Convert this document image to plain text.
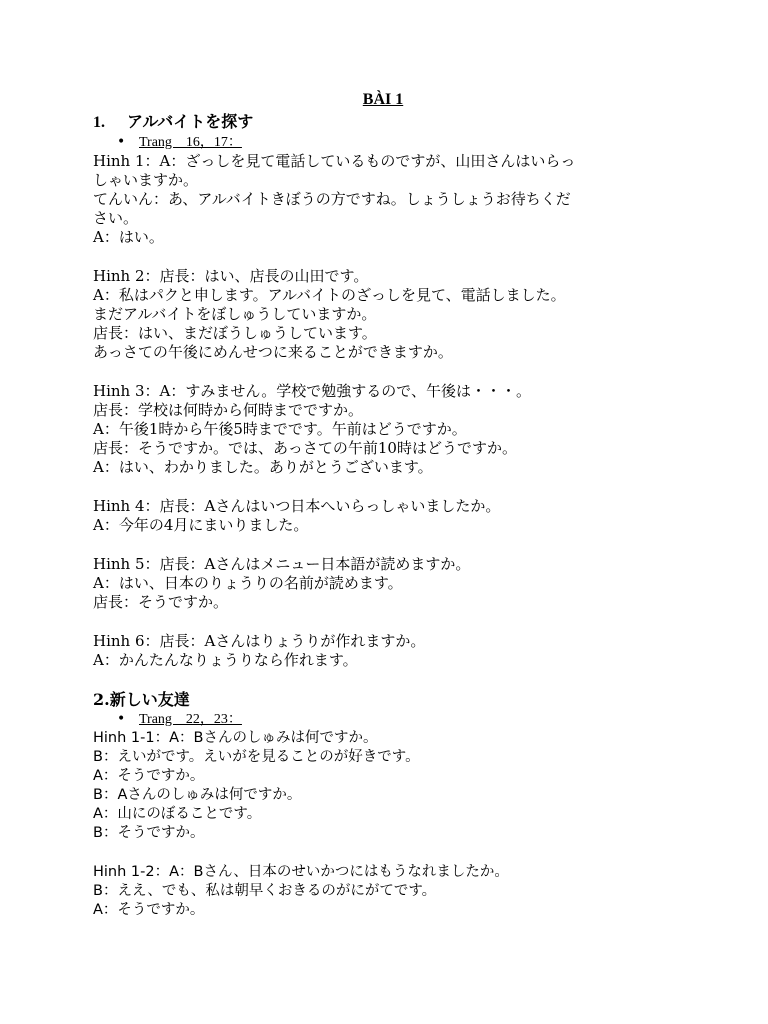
BÀI 1
1. アルバイトを探す
• Trang　16，17：
Hinh 1：A：ざっしを見て電話しているものですが、山田さんはいらっ
しゃいますか。
てんいん：あ、アルバイトきぼうの方ですね。しょうしょうお待ちくだ
さい。
A：はい。
Hinh 2：店長：はい、店長の山田です。
A：私はパクと申します。アルバイトのざっしを見て、電話しました。
まだアルバイトをぼしゅうしていますか。
店長：はい、まだぼうしゅうしています。
あっさての午後にめんせつに来ることができますか。
Hinh 3：A：すみません。学校で勉強するので、午後は・・・。
店長：学校は何時から何時までですか。
A：午後1時から午後5時までです。午前はどうですか。
店長：そうですか。では、あっさての午前10時はどうですか。
A：はい、わかりました。ありがとうございます。
Hinh 4：店長：Aさんはいつ日本へいらっしゃいましたか。
A：今年の4月にまいりました。
Hinh 5：店長：Aさんはメニュー日本語が読めますか。
A：はい、日本のりょうりの名前が読めます。
店長：そうですか。
Hinh 6：店長：Aさんはりょうりが作れますか。
A：かんたんなりょうりなら作れます。
2.新しい友達
• Trang　22，23：
Hinh 1-1：A：Bさんのしゅみは何ですか。
B：えいがです。えいがを見ることのが好きです。
A：そうですか。
B：Aさんのしゅみは何ですか。
A：山にのぼることです。
B：そうですか。
Hinh 1-2：A：Bさん、日本のせいかつにはもうなれましたか。
B：ええ、でも、私は朝早くおきるのがにがてです。
A：そうですか。
